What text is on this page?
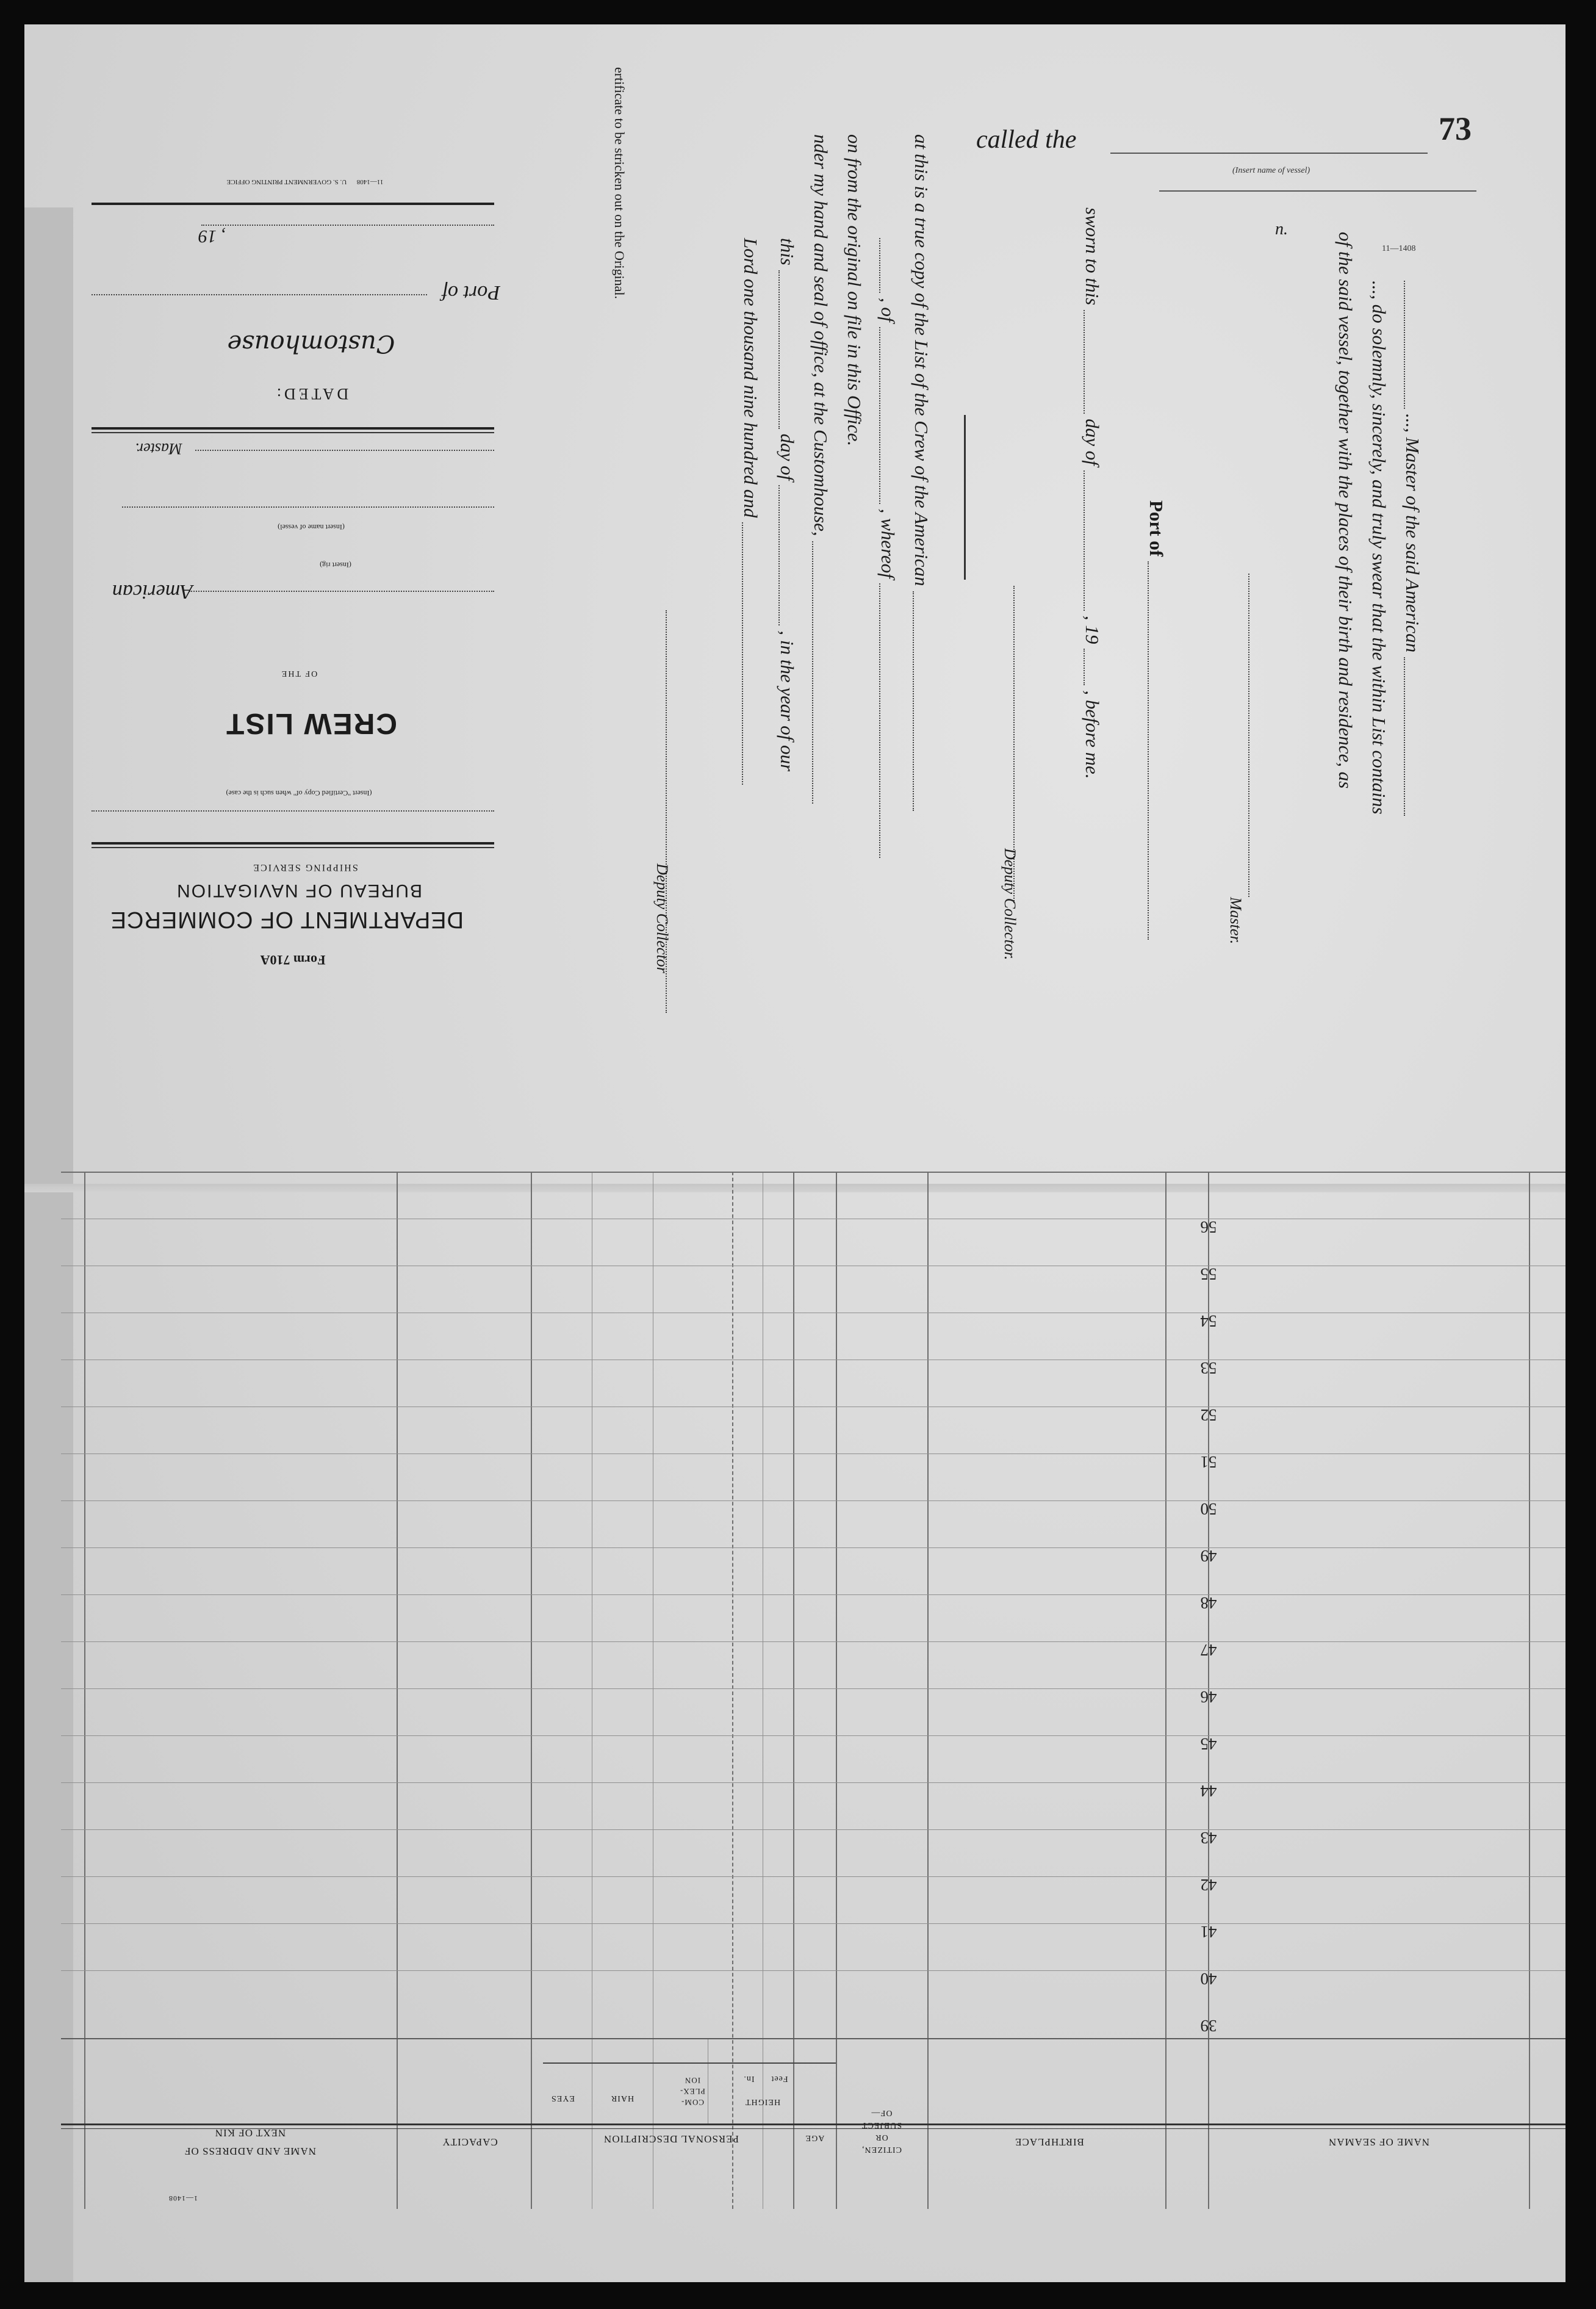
73
called the
(Insert name of vessel)
11—1408
n.
..., Master of the said American
..., do solemnly, sincerely, and truly swear that the within List contains
of the said vessel, together with the places of their birth and residence, as
Master.
Port of
sworn to this
day of
, 19
, before me.
Deputy Collector.
at this is a true copy of the List of the Crew of the American
, of
, whereof
on from the original on file in this Office.
nder my hand and seal of office, at the Customhouse,
this
day of
, in the year of our
Lord one thousand nine hundred and
Deputy Collector
ertificate to be stricken out on the Original.
11—1408      U. S. GOVERNMENT PRINTING OFFICE
, 19
Port of
Customhouse
DATED:
Master.
(Insert name of vessel)
American
(Insert rig)
OF THE
CREW LIST
(Insert "Certified Copy of" when such is the case)
SHIPPING SERVICE
BUREAU OF NAVIGATION
DEPARTMENT OF COMMERCE
Form 710A
56
55
54
53
52
51
50
49
48
47
46
45
44
43
42
41
40
39
NAME OF SEAMAN
BIRTHPLACE
CITIZEN,
OR
SUBJECT
OF—
AGE
PERSONAL DESCRIPTION
HEIGHT
Feet
In.
COM-
PLEX-
ION
HAIR
EYES
CAPACITY
NAME AND ADDRESS OF
NEXT OF KIN
1—1408
